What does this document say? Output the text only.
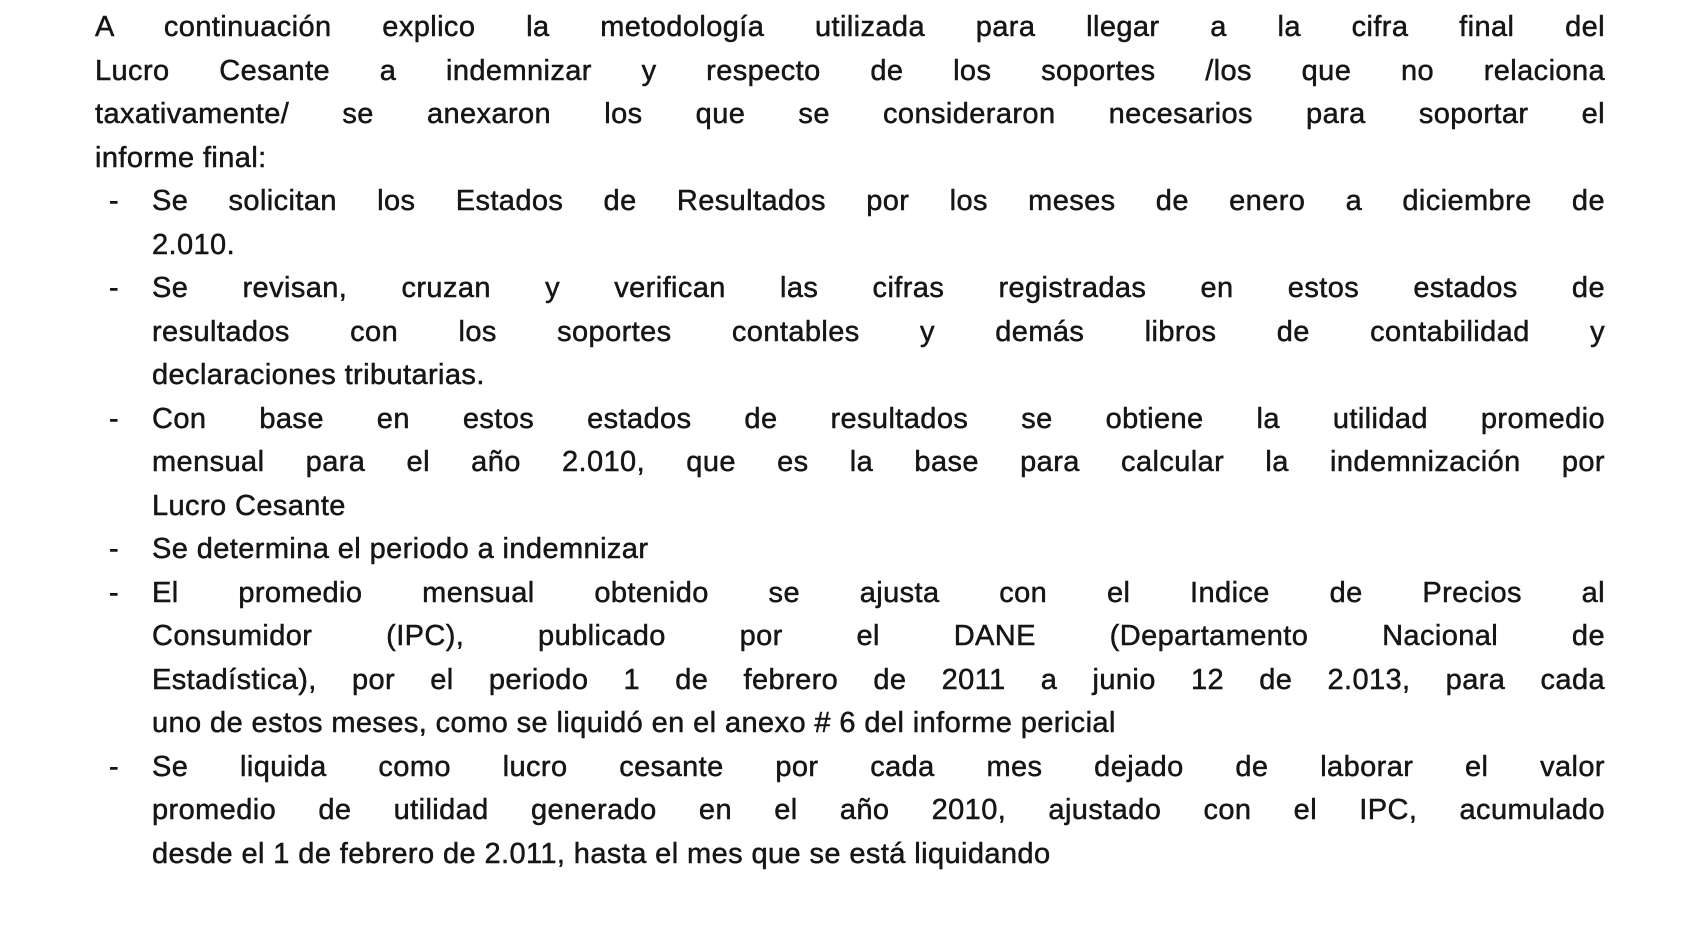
A continuación explico la metodología utilizada para llegar a la cifra final del
Lucro Cesante a indemnizar y respecto de los soportes /los que no relaciona
taxativamente/ se anexaron los que se consideraron necesarios para soportar el
informe final:
-	Se solicitan los Estados de Resultados por los meses de enero a diciembre de
2.010.
-	Se revisan, cruzan y verifican las cifras registradas en estos estados de
resultados con los soportes contables y demás libros de contabilidad y
declaraciones tributarias.
-	Con base en estos estados de resultados se obtiene la utilidad promedio
mensual para el año 2.010, que es la base para calcular la indemnización por
Lucro Cesante
-	Se determina el periodo a indemnizar
-	El promedio mensual obtenido se ajusta con el Indice de Precios al
Consumidor (IPC), publicado por el DANE (Departamento Nacional de
Estadística), por el periodo 1 de febrero de 2011 a junio 12 de 2.013, para cada
uno de estos meses, como se liquidó en el anexo # 6 del informe pericial
-	Se liquida como lucro cesante por cada mes dejado de laborar el valor
promedio de utilidad generado en el año 2010, ajustado con el IPC, acumulado
desde el 1 de febrero de 2.011, hasta el mes que se está liquidando
